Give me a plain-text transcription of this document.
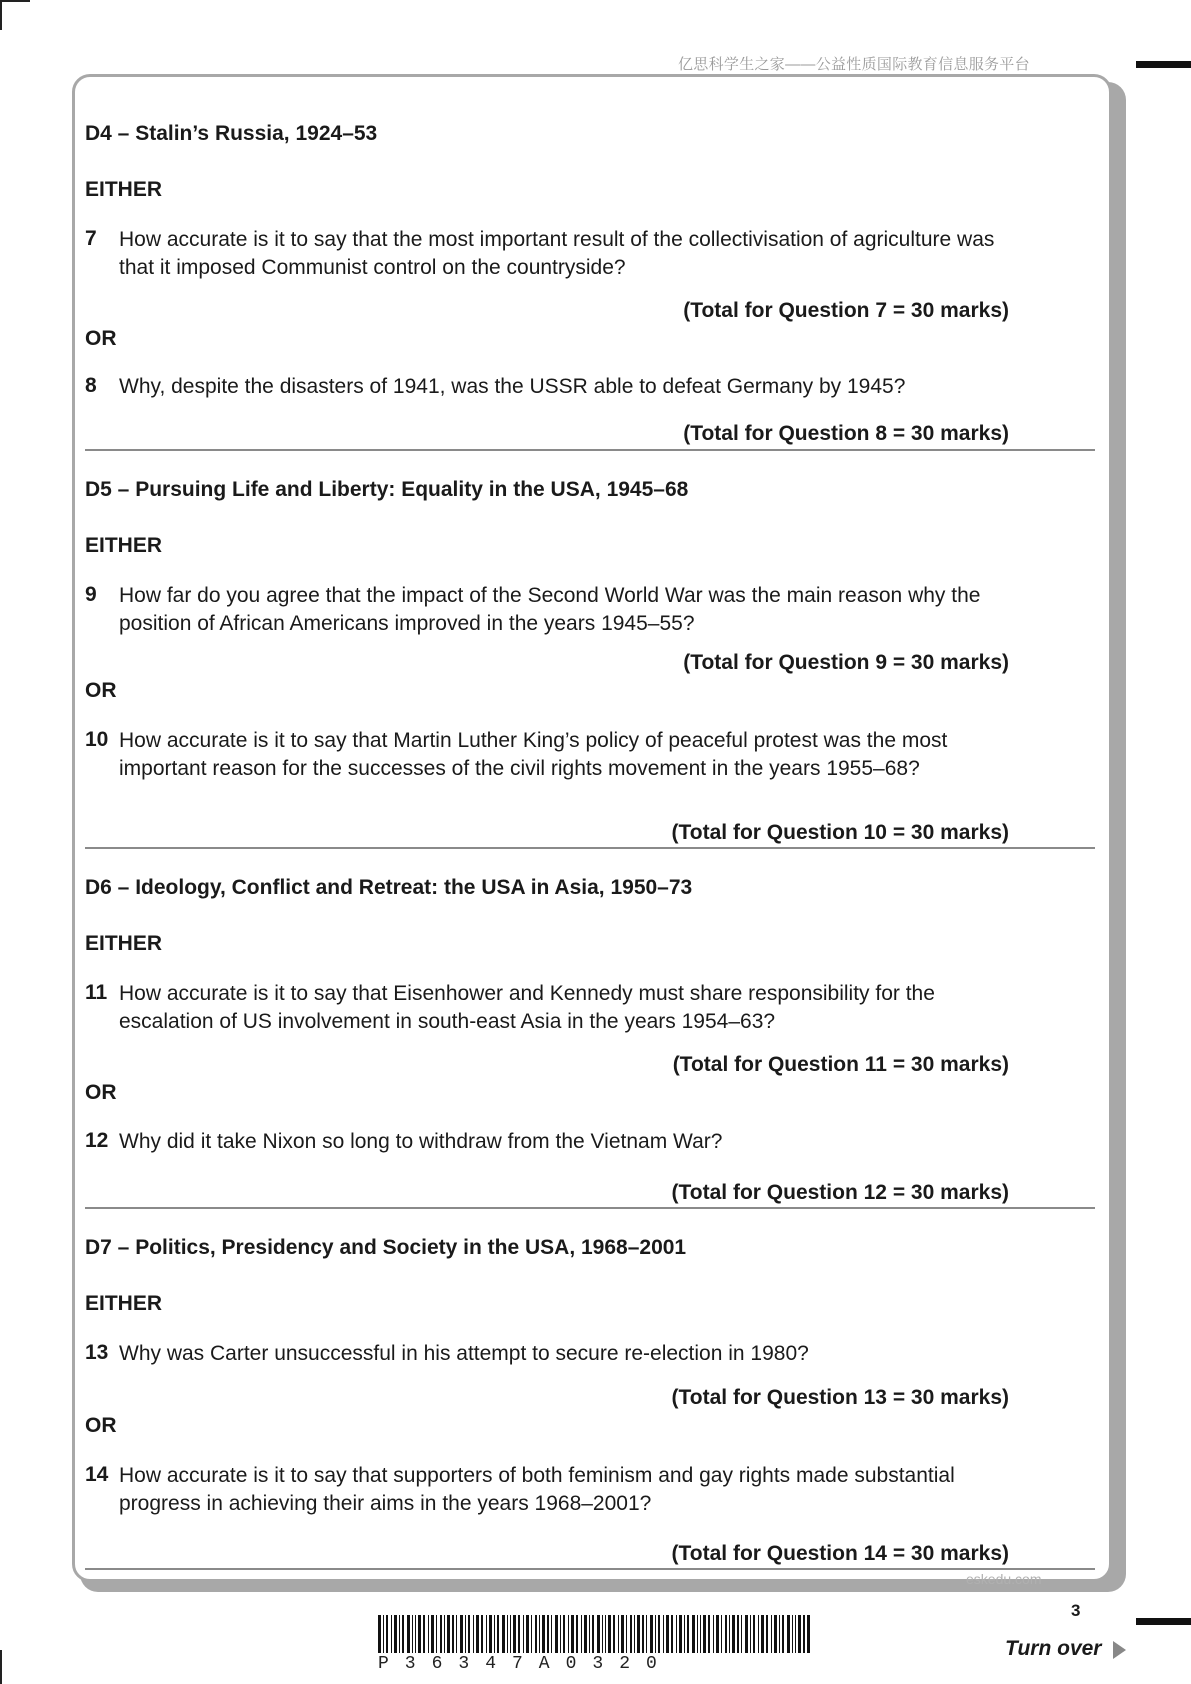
亿思科学生之家——公益性质国际教育信息服务平台
D4 – Stalin’s Russia, 1924–53
EITHER
7 How accurate is it to say that the most important result of the collectivisation of agriculture was that it imposed Communist control on the countryside?
(Total for Question 7 = 30 marks)
OR
8 Why, despite the disasters of 1941, was the USSR able to defeat Germany by 1945?
(Total for Question 8 = 30 marks)
D5 – Pursuing Life and Liberty: Equality in the USA, 1945–68
EITHER
9 How far do you agree that the impact of the Second World War was the main reason why the position of African Americans improved in the years 1945–55?
(Total for Question 9 = 30 marks)
OR
10 How accurate is it to say that Martin Luther King’s policy of peaceful protest was the most important reason for the successes of the civil rights movement in the years 1955–68?
(Total for Question 10 = 30 marks)
D6 – Ideology, Conflict and Retreat: the USA in Asia, 1950–73
EITHER
11 How accurate is it to say that Eisenhower and Kennedy must share responsibility for the escalation of US involvement in south-east Asia in the years 1954–63?
(Total for Question 11 = 30 marks)
OR
12 Why did it take Nixon so long to withdraw from the Vietnam War?
(Total for Question 12 = 30 marks)
D7 – Politics, Presidency and Society in the USA, 1968–2001
EITHER
13 Why was Carter unsuccessful in his attempt to secure re-election in 1980?
(Total for Question 13 = 30 marks)
OR
14 How accurate is it to say that supporters of both feminism and gay rights made substantial progress in achieving their aims in the years 1968–2001?
(Total for Question 14 = 30 marks)
eskedu.com
3
P36347A0320
Turn over
